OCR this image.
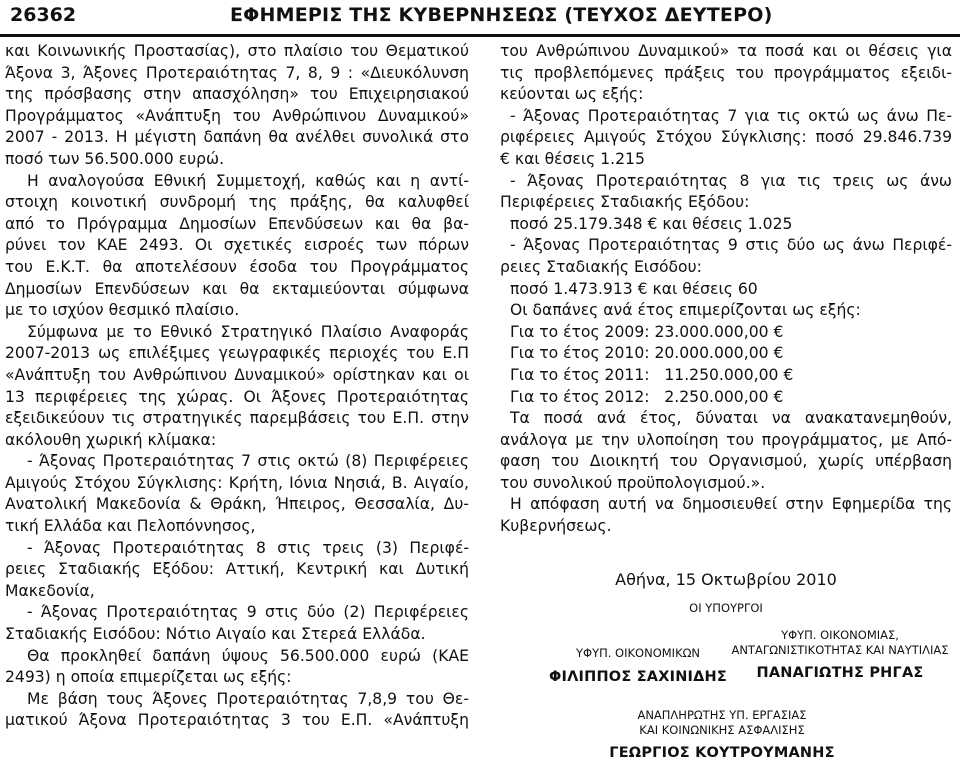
26362	ΕΦΗΜΕΡΙΣ ΤΗΣ ΚΥΒΕΡΝΗΣΕΩΣ (ΤΕΥΧΟΣ ΔΕΥΤΕΡΟ)

και Κοινωνικής Προστασίας), στο πλαίσιο του Θεματικού
Άξονα 3, Άξονες Προτεραιότητας 7, 8, 9 : «Διευκόλυνση
της πρόσβασης στην απασχόληση» του Επιχειρησιακού
Προγράμματος «Ανάπτυξη του Ανθρώπινου Δυναμικού»
2007 - 2013. Η μέγιστη δαπάνη θα ανέλθει συνολικά στο
ποσό των 56.500.000 ευρώ.

Η αναλογούσα Εθνική Συμμετοχή, καθώς και η αντί-

στοιχη κοινοτική συνδρομή της πράξης, θα καλυφθεί
από το Πρόγραμμα Δημοσίων Επενδύσεων και θα βα-
ρύνει τον ΚΑΕ 2493. Οι σχετικές εισροές των πόρων
του Ε.Κ.Τ. θα αποτελέσουν έσοδα του Προγράμματος
Δημοσίων Επενδύσεων και θα εκταμιεύονται σύμφωνα
με το ισχύον θεσμικό πλαίσιο.

Σύμφωνα με το Εθνικό Στρατηγικό Πλαίσιο Αναφοράς

2007-2013 ως επιλέξιμες γεωγραφικές περιοχές του Ε.Π
«Ανάπτυξη του Ανθρώπινου Δυναμικού» ορίστηκαν και οι
13 περιφέρειες της χώρας. Οι Άξονες Προτεραιότητας
εξειδικεύουν τις στρατηγικές παρεμβάσεις του Ε.Π. στην
ακόλουθη χωρική κλίμακα:

- Άξονας Προτεραιότητας 7 στις οκτώ (8) Περιφέρειες

Αμιγούς Στόχου Σύγκλισης: Κρήτη, Ιόνια Νησιά, Β. Αιγαίο,
Ανατολική Μακεδονία & Θράκη, Ήπειρος, Θεσσαλία, Δυ-
τική Ελλάδα και Πελοπόννησος,

- Άξονας Προτεραιότητας 8 στις τρεις (3) Περιφέ-

ρειες Σταδιακής Εξόδου: Αττική, Κεντρική και Δυτική
Μακεδονία,

- Άξονας Προτεραιότητας 9 στις δύο (2) Περιφέρειες

Σταδιακής Εισόδου: Νότιο Αιγαίο και Στερεά Ελλάδα.

Θα προκληθεί δαπάνη ύψους 56.500.000 ευρώ (ΚΑΕ

2493) η οποία επιμερίζεται ως εξής:

Με βάση τους Άξονες Προτεραιότητας 7,8,9 του Θε-

ματικού Άξονα Προτεραιότητας 3 του Ε.Π. «Ανάπτυξη

του Ανθρώπινου Δυναμικού» τα ποσά και οι θέσεις για
τις προβλεπόμενες πράξεις του προγράμματος εξειδι-
κεύονται ως εξής:

- Άξονας Προτεραιότητας 7 για τις οκτώ ως άνω Πε-

ριφέρειες Αμιγούς Στόχου Σύγκλισης: ποσό 29.846.739
€ και θέσεις 1.215

- Άξονας Προτεραιότητας 8 για τις τρεις ως άνω

Περιφέρειες Σταδιακής Εξόδου:

ποσό 25.179.348 € και θέσεις 1.025
- Άξονας Προτεραιότητας 9 στις δύο ως άνω Περιφέ-

ρειες Σταδιακής Εισόδου:

ποσό 1.473.913 € και θέσεις 60
Οι δαπάνες ανά έτος επιμερίζονται ως εξής:

Για το έτος 2009: 23.000.000,00 €
Για το έτος 2010: 20.000.000,00 €
Για το έτος 2011:   11.250.000,00 €
Για το έτος 2012:   2.250.000,00 €

Τα ποσά ανά έτος, δύναται να ανακατανεμηθούν,

ανάλογα με την υλοποίηση του προγράμματος, με Από-
φαση του Διοικητή του Οργανισμού, χωρίς υπέρβαση
του συνολικού προϋπολογισμού.».

Η απόφαση αυτή να δημοσιευθεί στην Εφημερίδα της

Κυβερνήσεως.

Αθήνα, 15 Οκτωβρίου 2010
ΟΙ ΥΠΟΥΡΓΟΙ
ΥΦΥΠ. ΟΙΚΟΝΟΜΙΚΩΝ
ΦΙΛΙΠΠΟΣ ΣΑΧΙΝΙΔΗΣ
ΥΦΥΠ. ΟΙΚΟΝΟΜΙΑΣ,
ΑΝΤΑΓΩΝΙΣΤΙΚΟΤΗΤΑΣ ΚΑΙ ΝΑΥΤΙΛΙΑΣ
ΠΑΝΑΓΙΩΤΗΣ ΡΗΓΑΣ
ΑΝΑΠΛΗΡΩΤΗΣ ΥΠ. ΕΡΓΑΣΙΑΣ
ΚΑΙ ΚΟΙΝΩΝΙΚΗΣ ΑΣΦΑΛΙΣΗΣ
ΓΕΩΡΓΙΟΣ ΚΟΥΤΡΟΥΜΑΝΗΣ
